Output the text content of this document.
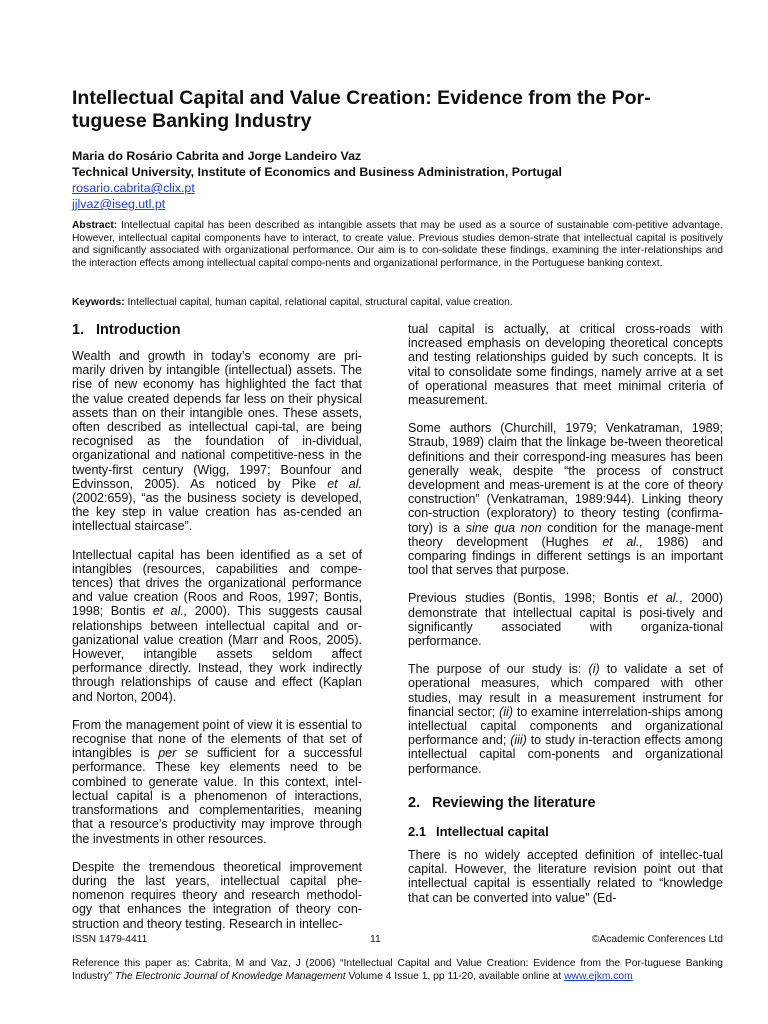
Intellectual Capital and Value Creation: Evidence from the Por-
tuguese Banking Industry
Maria do Rosário Cabrita and Jorge Landeiro Vaz
Technical University, Institute of Economics and Business Administration, Portugal
rosario.cabrita@clix.pt
jjlvaz@iseg.utl.pt
Abstract: Intellectual capital has been described as intangible assets that may be used as a source of sustainable com-petitive advantage. However, intellectual capital components have to interact, to create value. Previous studies demon-strate that intellectual capital is positively and significantly associated with organizational performance. Our aim is to con-solidate these findings, examining the inter-relationships and the interaction effects among intellectual capital compo-nents and organizational performance, in the Portuguese banking context.
Keywords: Intellectual capital, human capital, relational capital, structural capital, value creation.
1. Introduction

Wealth and growth in today’s economy are pri-marily driven by intangible (intellectual) assets. The rise of new economy has highlighted the fact that the value created depends far less on their physical assets than on their intangible ones. These assets, often described as intellectual capi-tal, are being recognised as the foundation of in-dividual, organizational and national competitive-ness in the twenty-first century (Wigg, 1997; Bounfour and Edvinsson, 2005). As noticed by Pike et al. (2002:659), “as the business society is developed, the key step in value creation has as-cended an intellectual staircase”.

Intellectual capital has been identified as a set of intangibles (resources, capabilities and compe-tences) that drives the organizational performance and value creation (Roos and Roos, 1997; Bontis, 1998; Bontis et al., 2000). This suggests causal relationships between intellectual capital and or-ganizational value creation (Marr and Roos, 2005). However, intangible assets seldom affect performance directly. Instead, they work indirectly through relationships of cause and effect (Kaplan and Norton, 2004).

From the management point of view it is essential to recognise that none of the elements of that set of intangibles is per se sufficient for a successful performance. These key elements need to be combined to generate value. In this context, intel-lectual capital is a phenomenon of interactions, transformations and complementarities, meaning that a resource’s productivity may improve through the investments in other resources.

Despite the tremendous theoretical improvement during the last years, intellectual capital phe-nomenon requires theory and research methodol-ogy that enhances the integration of theory con-struction and theory testing. Research in intellec-

tual capital is actually, at critical cross-roads with increased emphasis on developing theoretical concepts and testing relationships guided by such concepts. It is vital to consolidate some findings, namely arrive at a set of operational measures that meet minimal criteria of measurement.

Some authors (Churchill, 1979; Venkatraman, 1989; Straub, 1989) claim that the linkage be-tween theoretical definitions and their correspond-ing measures has been generally weak, despite “the process of construct development and meas-urement is at the core of theory construction” (Venkatraman, 1989:944). Linking theory con-struction (exploratory) to theory testing (confirma-tory) is a sine qua non condition for the manage-ment theory development (Hughes et al., 1986) and comparing findings in different settings is an important tool that serves that purpose.

Previous studies (Bontis, 1998; Bontis et al., 2000) demonstrate that intellectual capital is posi-tively and significantly associated with organiza-tional performance.

The purpose of our study is: (i) to validate a set of operational measures, which compared with other studies, may result in a measurement instrument for financial sector; (ii) to examine interrelation-ships among intellectual capital components and organizational performance and; (iii) to study in-teraction effects among intellectual capital com-ponents and organizational performance.

2. Reviewing the literature
2.1 Intellectual capital

There is no widely accepted definition of intellec-tual capital. However, the literature revision point out that intellectual capital is essentially related to “knowledge that can be converted into value” (Ed-

ISSN 1479-4411	11	©Academic Conferences Ltd
Reference this paper as: Cabrita, M and Vaz, J (2006) “Intellectual Capital and Value Creation: Evidence from the Por-tuguese Banking Industry” The Electronic Journal of Knowledge Management Volume 4 Issue 1, pp 11-20, available online at www.ejkm.com
